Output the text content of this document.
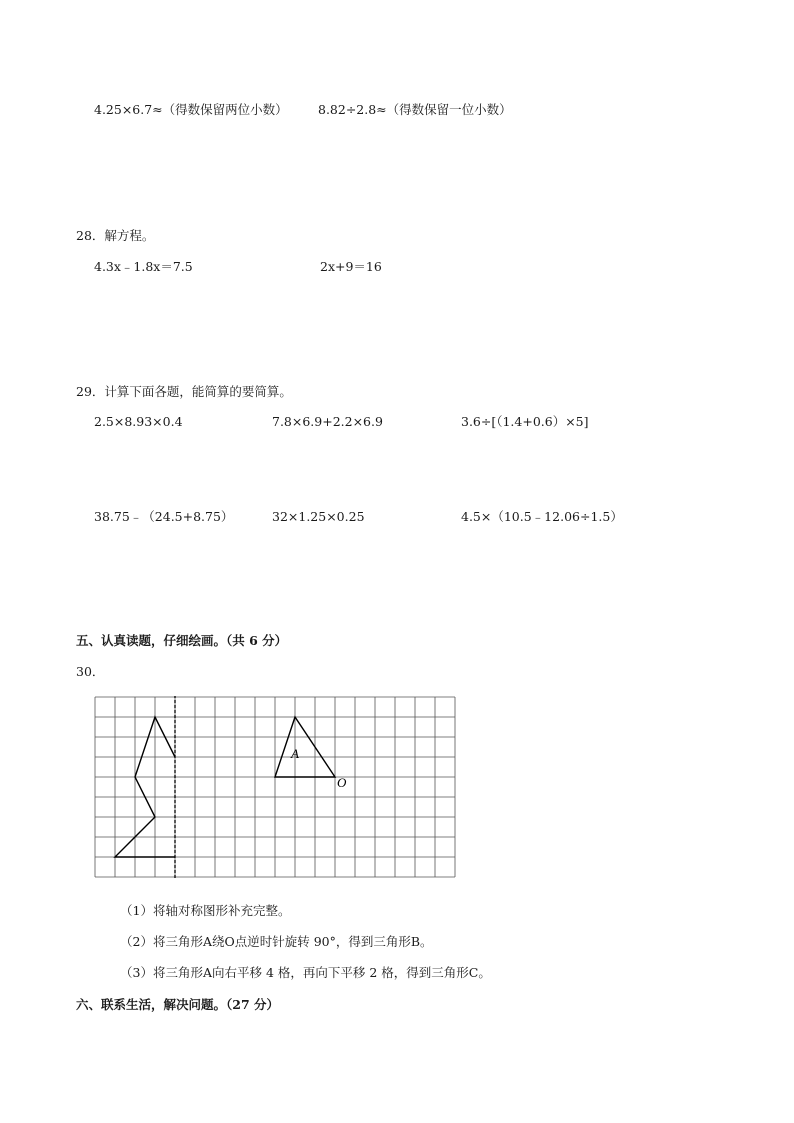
4.25×6.7≈（得数保留两位小数） 8.82÷2.8≈（得数保留一位小数）
28．解方程。
4.3x﹣1.8x＝7.5	2x+9＝16
29．计算下面各题，能简算的要简算。
2.5×8.93×0.4	7.8×6.9+2.2×6.9	3.6÷[（1.4+0.6）×5]
38.75﹣（24.5+8.75）	32×1.25×0.25	4.5×（10.5﹣12.06÷1.5）
五、认真读题，仔细绘画。（共 6 分）
30．
A
O
（1）将轴对称图形补充完整。
（2）将三角形A绕O点逆时针旋转 90°，得到三角形B。
（3）将三角形A向右平移 4 格，再向下平移 2 格，得到三角形C。
六、联系生活，解决问题。（27 分）
